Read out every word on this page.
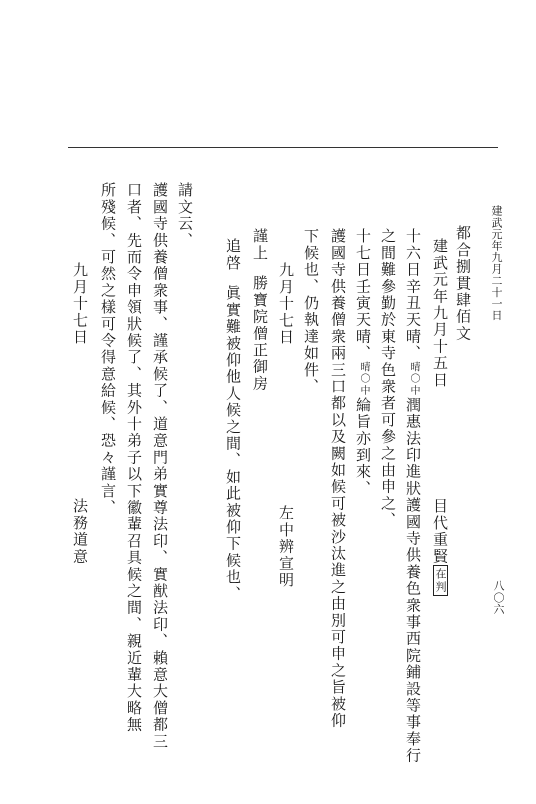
建武元年九月二十一日
八〇六
都合捌貫肆佰文
建武元年九月十五日
目代重賢在判
十六日辛丑天晴、晴〇中潤惠法印進狀護國寺供養色衆事西院鋪設等事奉行
之間難參勤於東寺色衆者可參之由申之、
十七日壬寅天晴、晴〇中綸旨亦到來、
護國寺供養僧衆兩三口都以及闕如候可被沙汰進之由別可申之旨被仰
下候也、仍執達如件、
九月十七日
左中辨宣明
謹上勝寶院僧正御房
追啓眞實難被仰他人候之間、如此被仰下候也、
請文云、
護國寺供養僧衆事、謹承候了、道意門弟實尊法印、實猷法印、賴意大僧都三
口者、先而令申領狀候了、其外十弟子以下徽輩召具候之間、親近輩大略無
所殘候、可然之樣可令得意給候、恐々謹言、
九月十七日
法務道意
